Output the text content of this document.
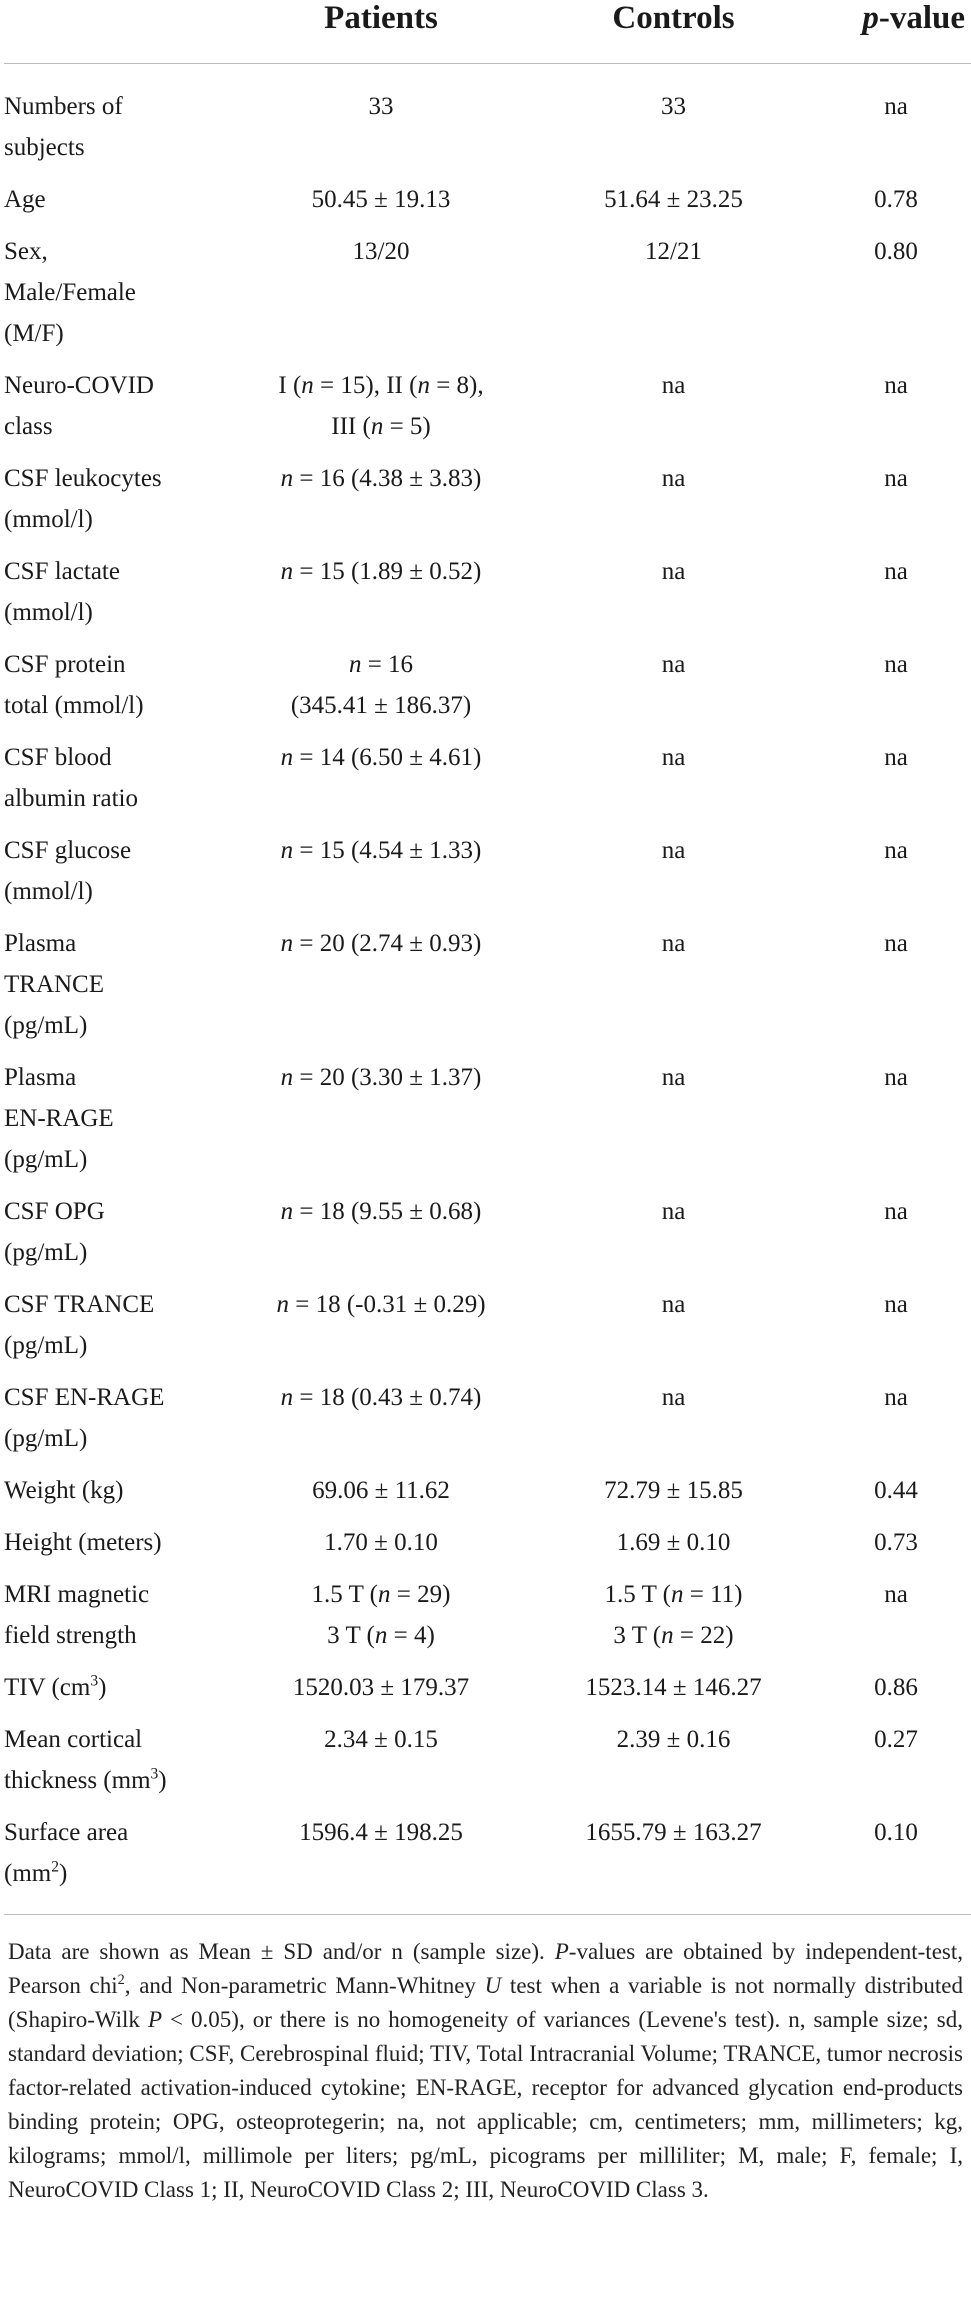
	Patients	Controls	p-value

Numbers of
subjects	33	33	na

Age	50.45 ± 19.13	51.64 ± 23.25	0.78

Sex,
Male/Female
(M/F)	13/20	12/21	0.80

Neuro-COVID
class	I (n = 15), II (n = 8),
III (n = 5)	na	na

CSF leukocytes
(mmol/l)	n = 16 (4.38 ± 3.83)	na	na

CSF lactate
(mmol/l)	n = 15 (1.89 ± 0.52)	na	na

CSF protein
total (mmol/l)	n = 16
(345.41 ± 186.37)	na	na

CSF blood
albumin ratio	n = 14 (6.50 ± 4.61)	na	na

CSF glucose
(mmol/l)	n = 15 (4.54 ± 1.33)	na	na

Plasma
TRANCE
(pg/mL)	n = 20 (2.74 ± 0.93)	na	na

Plasma
EN-RAGE
(pg/mL)	n = 20 (3.30 ± 1.37)	na	na

CSF OPG
(pg/mL)	n = 18 (9.55 ± 0.68)	na	na

CSF TRANCE
(pg/mL)	n = 18 (-0.31 ± 0.29)	na	na

CSF EN-RAGE
(pg/mL)	n = 18 (0.43 ± 0.74)	na	na

Weight (kg)	69.06 ± 11.62	72.79 ± 15.85	0.44

Height (meters)	1.70 ± 0.10	1.69 ± 0.10	0.73

MRI magnetic
field strength	1.5 T (n = 29)
3 T (n = 4)	1.5 T (n = 11)
3 T (n = 22)	na

TIV $(cm^3)$	1520.03 ± 179.37	1523.14 ± 146.27	0.86

Mean cortical
thickness $(mm^3)$	2.34 ± 0.15	2.39 ± 0.16	0.27

Surface area
$(mm^2)$	1596.4 ± 198.25	1655.79 ± 163.27	0.10

Data are shown as Mean ± SD and/or n (sample size). P-values are obtained by independent-test, Pearson chi$^2$, and Non-parametric Mann-Whitney U test when a variable is not normally distributed (Shapiro-Wilk P < 0.05), or there is no homogeneity of variances (Levene's test). n, sample size; sd, standard deviation; CSF, Cerebrospinal fluid; TIV, Total Intracranial Volume; TRANCE, tumor necrosis factor-related activation-induced cytokine; EN-RAGE, receptor for advanced glycation end-products binding protein; OPG, osteoprotegerin; na, not applicable; cm, centimeters; mm, millimeters; kg, kilograms; mmol/l, millimole per liters; pg/mL, picograms per milliliter; M, male; F, female; I, NeuroCOVID Class 1; II, NeuroCOVID Class 2; III, NeuroCOVID Class 3.
